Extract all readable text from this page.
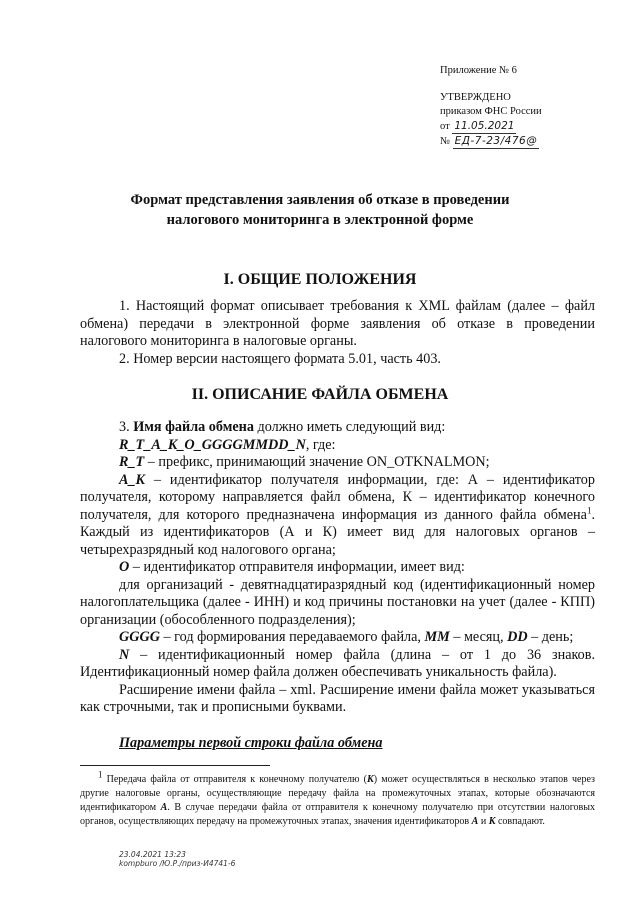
Приложение № 6
УТВЕРЖДЕНО
приказом ФНС России
от 11.05.2021
№ ЕД-7-23/476@
Формат представления заявления об отказе в проведении
налогового мониторинга в электронной форме
I. ОБЩИЕ ПОЛОЖЕНИЯ

1. Настоящий формат описывает требования к XML файлам (далее – файл обмена) передачи в электронной форме заявления об отказе в проведении налогового мониторинга в налоговые органы.

2. Номер версии настоящего формата 5.01, часть 403.

II. ОПИСАНИЕ ФАЙЛА ОБМЕНА

3. Имя файла обмена должно иметь следующий вид:

R_T_A_K_O_GGGGMMDD_N, где:

R_T – префикс, принимающий значение ON_OTKNALMON;

A_K – идентификатор получателя информации, где: А – идентификатор получателя, которому направляется файл обмена, К – идентификатор конечного получателя, для которого предназначена информация из данного файла обмена$^1$. Каждый из идентификаторов (А и К) имеет вид для налоговых органов – четырехразрядный код налогового органа;

O – идентификатор отправителя информации, имеет вид:

для организаций - девятнадцатиразрядный код (идентификационный номер налогоплательщика (далее - ИНН) и код причины постановки на учет (далее - КПП) организации (обособленного подразделения);

GGGG – год формирования передаваемого файла, MM – месяц, DD – день;

N – идентификационный номер файла (длина – от 1 до 36 знаков. Идентификационный номер файла должен обеспечивать уникальность файла).

Расширение имени файла – xml. Расширение имени файла может указываться как строчными, так и прописными буквами.

Параметры первой строки файла обмена

1 Передача файла от отправителя к конечному получателю (К) может осуществляться в несколько этапов через другие налоговые органы, осуществляющие передачу файла на промежуточных этапах, которые обозначаются идентификатором А. В случае передачи файла от отправителя к конечному получателю при отсутствии налоговых органов, осуществляющих передачу на промежуточных этапах, значения идентификаторов А и К совпадают.

23.04.2021 13:23
kompburo /Ю.Р./приз-И4741-6
